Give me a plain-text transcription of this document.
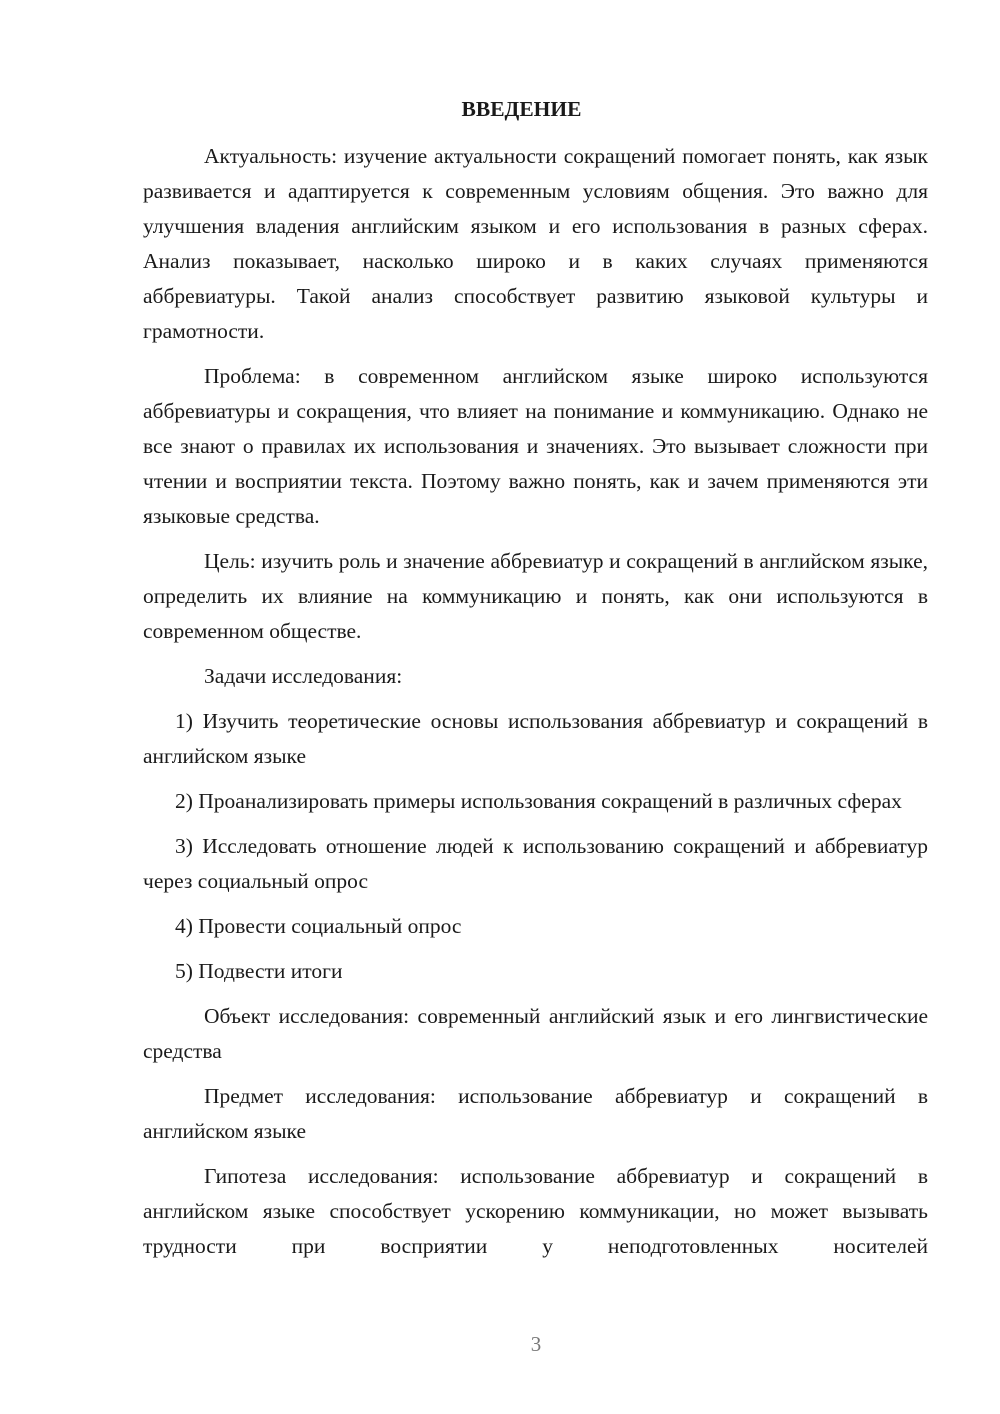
ВВЕДЕНИЕ

Актуальность: изучение актуальности сокращений помогает понять, как язык развивается и адаптируется к современным условиям общения. Это важно для улучшения владения английским языком и его использования в разных сферах. Анализ показывает, насколько широко и в каких случаях применяются аббревиатуры. Такой анализ способствует развитию языковой культуры и грамотности.

Проблема: в современном английском языке широко используются аббревиатуры и сокращения, что влияет на понимание и коммуникацию. Однако не все знают о правилах их использования и значениях. Это вызывает сложности при чтении и восприятии текста. Поэтому важно понять, как и зачем применяются эти языковые средства.

Цель: изучить роль и значение аббревиатур и сокращений в английском языке, определить их влияние на коммуникацию и понять, как они используются в современном обществе.

Задачи исследования:

1) Изучить теоретические основы использования аббревиатур и сокращений в английском языке

2) Проанализировать примеры использования сокращений в различных сферах

3) Исследовать отношение людей к использованию сокращений и аббревиатур через социальный опрос

4) Провести социальный опрос

5) Подвести итоги

Объект исследования: современный английский язык и его лингвистические средства

Предмет исследования: использование аббревиатур и сокращений в английском языке

Гипотеза исследования: использование аббревиатур и сокращений в английском языке способствует ускорению коммуникации, но может вызывать трудности при восприятии у неподготовленных носителей

3
